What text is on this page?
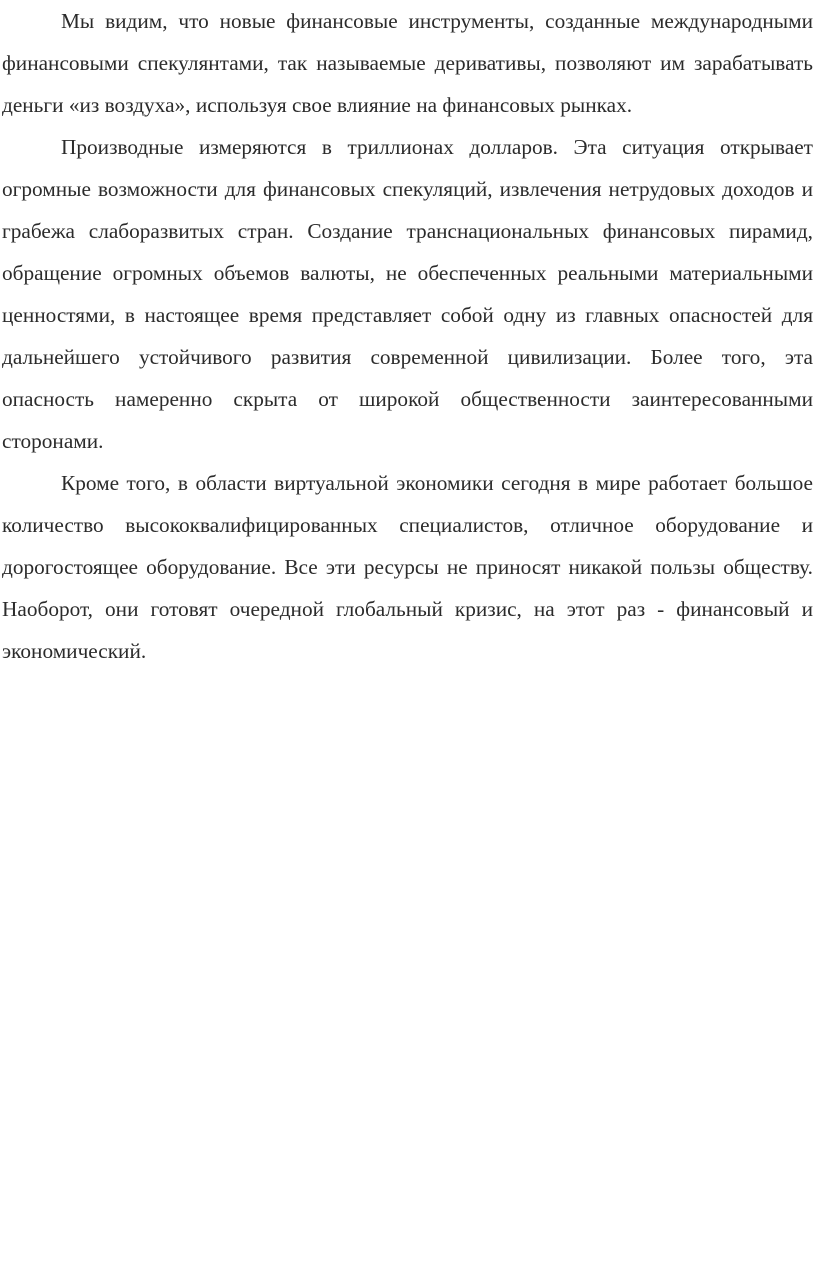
Мы видим, что новые финансовые инструменты, созданные международными финансовыми спекулянтами, так называемые деривативы, позволяют им зарабатывать деньги «из воздуха», используя свое влияние на финансовых рынках.

Производные измеряются в триллионах долларов. Эта ситуация открывает огромные возможности для финансовых спекуляций, извлечения нетрудовых доходов и грабежа слаборазвитых стран. Создание транснациональных финансовых пирамид, обращение огромных объемов валюты, не обеспеченных реальными материальными ценностями, в настоящее время представляет собой одну из главных опасностей для дальнейшего устойчивого развития современной цивилизации. Более того, эта опасность намеренно скрыта от широкой общественности заинтересованными сторонами.

Кроме того, в области виртуальной экономики сегодня в мире работает большое количество высококвалифицированных специалистов, отличное оборудование и дорогостоящее оборудование. Все эти ресурсы не приносят никакой пользы обществу. Наоборот, они готовят очередной глобальный кризис, на этот раз - финансовый и экономический.
